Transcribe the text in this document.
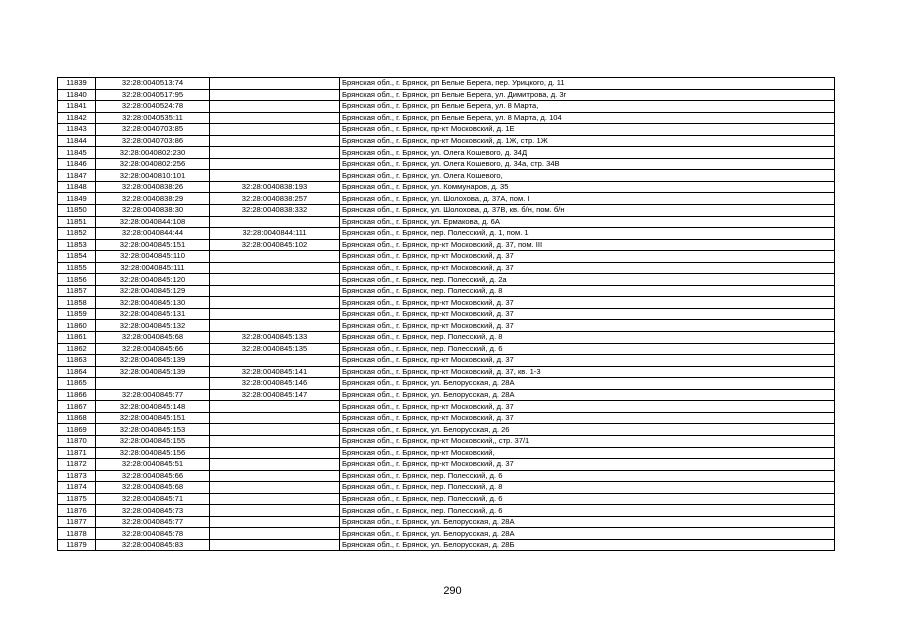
11839	32:28:0040513:74		Брянская обл., г. Брянск, рп Белые Берега, пер. Урицкого, д. 11
11840	32:28:0040517:95		Брянская обл., г. Брянск, рп Белые Берега, ул. Димитрова, д. 3г
11841	32:28:0040524:78		Брянская обл., г. Брянск, рп Белые Берега, ул. 8 Марта,
11842	32:28:0040535:11		Брянская обл., г. Брянск, рп Белые Берега, ул. 8 Марта, д. 104
11843	32:28:0040703:85		Брянская обл., г. Брянск, пр-кт Московский, д. 1Е
11844	32:28:0040703:86		Брянская обл., г. Брянск, пр-кт Московский, д. 1Ж, стр. 1Ж
11845	32:28:0040802:230		Брянская обл., г. Брянск, ул. Олега Кошевого, д. 34Д
11846	32:28:0040802:256		Брянская обл., г. Брянск, ул. Олега Кошевого, д. 34а, стр. 34В
11847	32:28:0040810:101		Брянская обл., г. Брянск, ул. Олега Кошевого,
11848	32:28:0040838:26	32:28:0040838:193	Брянская обл., г. Брянск, ул. Коммунаров, д. 35
11849	32:28:0040838:29	32:28:0040838:257	Брянская обл., г. Брянск, ул. Шолохова, д. 37А, пом. I
11850	32:28:0040838:30	32:28:0040838:332	Брянская обл., г. Брянск, ул. Шолохова, д. 37В, кв. б/н, пом. б/н
11851	32:28:0040844:108		Брянская обл., г. Брянск, ул. Ермакова, д. 6А
11852	32:28:0040844:44	32:28:0040844:111	Брянская обл., г. Брянск, пер. Полесский, д. 1, пом. 1
11853	32:28:0040845:151	32:28:0040845:102	Брянская обл., г. Брянск, пр-кт Московский, д. 37, пом. III
11854	32:28:0040845:110		Брянская обл., г. Брянск, пр-кт Московский, д. 37
11855	32:28:0040845:111		Брянская обл., г. Брянск, пр-кт Московский, д. 37
11856	32:28:0040845:120		Брянская обл., г. Брянск, пер. Полесский, д. 2а
11857	32:28:0040845:129		Брянская обл., г. Брянск, пер. Полесский, д. 8
11858	32:28:0040845:130		Брянская обл., г. Брянск, пр-кт Московский, д. 37
11859	32:28:0040845:131		Брянская обл., г. Брянск, пр-кт Московский, д. 37
11860	32:28:0040845:132		Брянская обл., г. Брянск, пр-кт Московский, д. 37
11861	32:28:0040845:68	32:28:0040845:133	Брянская обл., г. Брянск, пер. Полесский, д. 8
11862	32:28:0040845:66	32:28:0040845:135	Брянская обл., г. Брянск, пер. Полесский, д. 6
11863	32:28:0040845:139		Брянская обл., г. Брянск, пр-кт Московский, д. 37
11864	32:28:0040845:139	32:28:0040845:141	Брянская обл., г. Брянск, пр-кт Московский, д. 37, кв. 1-3
11865		32:28:0040845:146	Брянская обл., г. Брянск, ул. Белорусская, д. 28А
11866	32:28:0040845:77	32:28:0040845:147	Брянская обл., г. Брянск, ул. Белорусская, д. 28А
11867	32:28:0040845:148		Брянская обл., г. Брянск, пр-кт Московский, д. 37
11868	32:28:0040845:151		Брянская обл., г. Брянск, пр-кт Московский, д. 37
11869	32:28:0040845:153		Брянская обл., г. Брянск, ул. Белорусская, д. 26
11870	32:28:0040845:155		Брянская обл., г. Брянск, пр-кт Московский,, стр. 37/1
11871	32:28:0040845:156		Брянская обл., г. Брянск, пр-кт Московский,
11872	32:28:0040845:51		Брянская обл., г. Брянск, пр-кт Московский, д. 37
11873	32:28:0040845:66		Брянская обл., г. Брянск, пер. Полесский, д. 6
11874	32:28:0040845:68		Брянская обл., г. Брянск, пер. Полесский, д. 8
11875	32:28:0040845:71		Брянская обл., г. Брянск, пер. Полесский, д. 6
11876	32:28:0040845:73		Брянская обл., г. Брянск, пер. Полесский, д. 6
11877	32:28:0040845:77		Брянская обл., г. Брянск, ул. Белорусская, д. 28А
11878	32:28:0040845:78		Брянская обл., г. Брянск, ул. Белорусская, д. 28А
11879	32:28:0040845:83		Брянская обл., г. Брянск, ул. Белорусская, д. 28Б
290
